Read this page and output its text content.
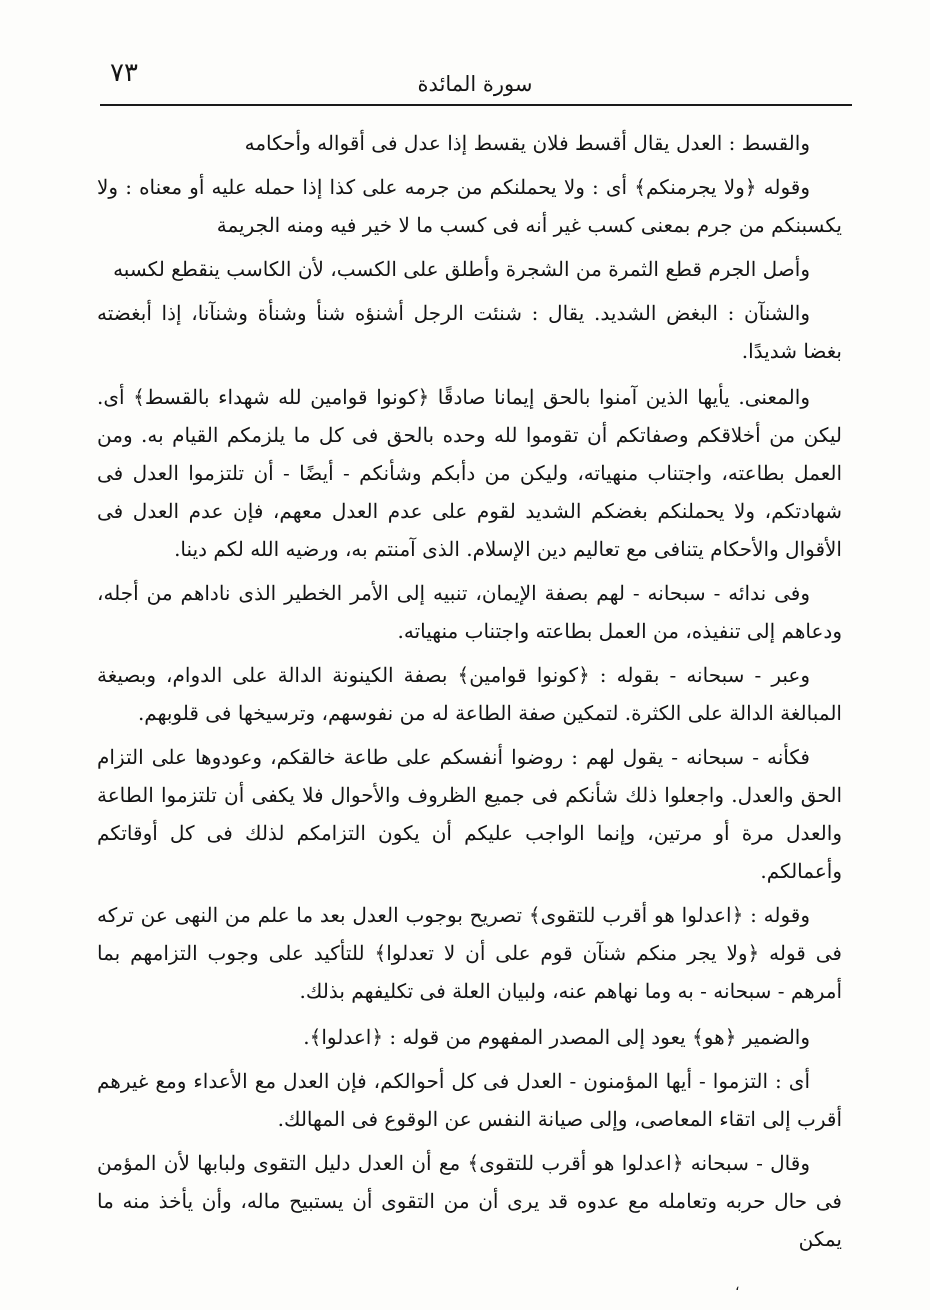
٧٣	سورة المائدة

والقسط : العدل يقال أقسط فلان يقسط إذا عدل فى أقواله وأحكامه

وقوله ﴿ولا يجرمنكم﴾ أى : ولا يحملنكم من جرمه على كذا إذا حمله عليه أو معناه : ولا يكسبنكم من جرم بمعنى كسب غير أنه فى كسب ما لا خير فيه ومنه الجريمة

وأصل الجرم قطع الثمرة من الشجرة وأطلق على الكسب، لأن الكاسب ينقطع لكسبه

والشنآن : البغض الشديد. يقال : شنئت الرجل أشنؤه شنأ وشنأة وشنآنا، إذا أبغضته بغضا شديدًا.

والمعنى. يأيها الذين آمنوا بالحق إيمانا صادقًا ﴿كونوا قوامين لله شهداء بالقسط﴾ أى. ليكن من أخلاقكم وصفاتكم أن تقوموا لله وحده بالحق فى كل ما يلزمكم القيام به. ومن العمل بطاعته، واجتناب منهياته، وليكن من دأبكم وشأنكم - أيضًا - أن تلتزموا العدل فى شهادتكم، ولا يحملنكم بغضكم الشديد لقوم على عدم العدل معهم، فإن عدم العدل فى الأقوال والأحكام يتنافى مع تعاليم دين الإسلام. الذى آمنتم به، ورضيه الله لكم دينا.

وفى ندائه - سبحانه - لهم بصفة الإيمان، تنبيه إلى الأمر الخطير الذى ناداهم من أجله، ودعاهم إلى تنفيذه، من العمل بطاعته واجتناب منهياته.

وعبر - سبحانه - بقوله : ﴿كونوا قوامين﴾ بصفة الكينونة الدالة على الدوام، وبصيغة المبالغة الدالة على الكثرة. لتمكين صفة الطاعة له من نفوسهم، وترسيخها فى قلوبهم.

فكأنه - سبحانه - يقول لهم : روضوا أنفسكم على طاعة خالقكم، وعودوها على التزام الحق والعدل. واجعلوا ذلك شأنكم فى جميع الظروف والأحوال فلا يكفى أن تلتزموا الطاعة والعدل مرة أو مرتين، وإنما الواجب عليكم أن يكون التزامكم لذلك فى كل أوقاتكم وأعمالكم.

وقوله : ﴿اعدلوا هو أقرب للتقوى﴾ تصريح بوجوب العدل بعد ما علم من النهى عن تركه فى قوله ﴿ولا يجر منكم شنآن قوم على أن لا تعدلوا﴾ للتأكيد على وجوب التزامهم بما أمرهم - سبحانه - به وما نهاهم عنه، ولبيان العلة فى تكليفهم بذلك.

والضمير ﴿هو﴾ يعود إلى المصدر المفهوم من قوله : ﴿اعدلوا﴾.

أى : التزموا - أيها المؤمنون - العدل فى كل أحوالكم، فإن العدل مع الأعداء ومع غيرهم أقرب إلى اتقاء المعاصى، وإلى صيانة النفس عن الوقوع فى المهالك.

وقال - سبحانه ﴿اعدلوا هو أقرب للتقوى﴾ مع أن العدل دليل التقوى ولبابها لأن المؤمن فى حال حربه وتعامله مع عدوه قد يرى أن من التقوى أن يستبيح ماله، وأن يأخذ منه ما يمكن

،
